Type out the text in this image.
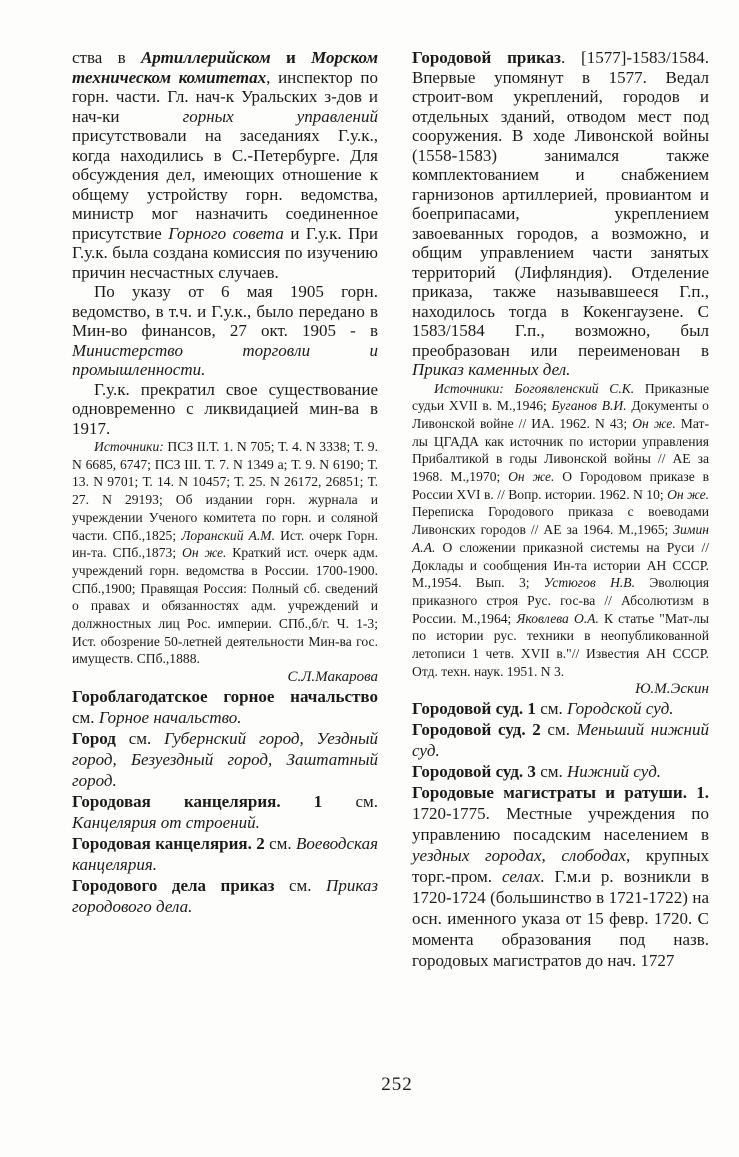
ства в Артиллерийском и Морском техническом комитетах, инспектор по горн. части. Гл. нач-к Уральских з-дов и нач-ки горных управлений присутствовали на заседаниях Г.у.к., когда находились в С.-Петербурге. Для обсуждения дел, имеющих отношение к общему устройству горн. ведомства, министр мог назначить соединенное присутствие Горного совета и Г.у.к. При Г.у.к. была создана комиссия по изучению причин несчастных случаев.

По указу от 6 мая 1905 горн. ведомство, в т.ч. и Г.у.к., было передано в Мин-во финансов, 27 окт. 1905 - в Министерство торговли и промышленности.

Г.у.к. прекратил свое существование одновременно с ликвидацией мин-ва в 1917.

Источники: ПСЗ II.Т. 1. N 705; Т. 4. N 3338; Т. 9. N 6685, 6747; ПСЗ III. Т. 7. N 1349 а; Т. 9. N 6190; Т. 13. N 9701; Т. 14. N 10457; Т. 25. N 26172, 26851; Т. 27. N 29193; Об издании горн. журнала и учреждении Ученого комитета по горн. и соляной части. СПб.,1825; Лоранский А.М. Ист. очерк Горн. ин-та. СПб.,1873; Он же. Краткий ист. очерк адм. учреждений горн. ведомства в России. 1700-1900. СПб.,1900; Правящая Россия: Полный сб. сведений о правах и обязанностях адм. учреждений и должностных лиц Рос. империи. СПб.,б/г. Ч. 1-3; Ист. обозрение 50-летней деятельности Мин-ва гос. имуществ. СПб.,1888.

С.Л.Макарова

Гороблагодатское горное начальство см. Горное начальство.

Город см. Губернский город, Уездный город, Безуездный город, Заштатный город.

Городовая канцелярия. 1 см. Канцелярия от строений.

Городовая канцелярия. 2 см. Воеводская канцелярия.

Городового дела приказ см. Приказ городового дела.

Городовой приказ. [1577]-1583/1584. Впервые упомянут в 1577. Ведал строит-вом укреплений, городов и отдельных зданий, отводом мест под сооружения. В ходе Ливонской войны (1558-1583) занимался также комплектованием и снабжением гарнизонов артиллерией, провиантом и боеприпасами, укреплением завоеванных городов, а возможно, и общим управлением части занятых территорий (Лифляндия). Отделение приказа, также называвшееся Г.п., находилось тогда в Кокенгаузене. С 1583/1584 Г.п., возможно, был преобразован или переименован в Приказ каменных дел.

Источники: Богоявленский С.К. Приказные судьи XVII в. М.,1946; Буганов В.И. Документы о Ливонской войне // ИА. 1962. N 43; Он же. Мат-лы ЦГАДА как источник по истории управления Прибалтикой в годы Ливонской войны // АЕ за 1968. М.,1970; Он же. О Городовом приказе в России XVI в. // Вопр. истории. 1962. N 10; Он же. Переписка Городового приказа с воеводами Ливонских городов // АЕ за 1964. М.,1965; Зимин А.А. О сложении приказной системы на Руси // Доклады и сообщения Ин-та истории АН СССР. М.,1954. Вып. 3; Устюгов Н.В. Эволюция приказного строя Рус. гос-ва // Абсолютизм в России. М.,1964; Яковлева О.А. К статье "Мат-лы по истории рус. техники в неопубликованной летописи 1 четв. XVII в."// Известия АН СССР. Отд. техн. наук. 1951. N 3.

Ю.М.Эскин

Городовой суд. 1 см. Городской суд.

Городовой суд. 2 см. Меньший нижний суд.

Городовой суд. 3 см. Нижний суд.

Городовые магистраты и ратуши. 1. 1720-1775. Местные учреждения по управлению посадским населением в уездных городах, слободах, крупных торг.-пром. селах. Г.м.и р. возникли в 1720-1724 (большинство в 1721-1722) на осн. именного указа от 15 февр. 1720. С момента образования под назв. городовых магистратов до нач. 1727

252
